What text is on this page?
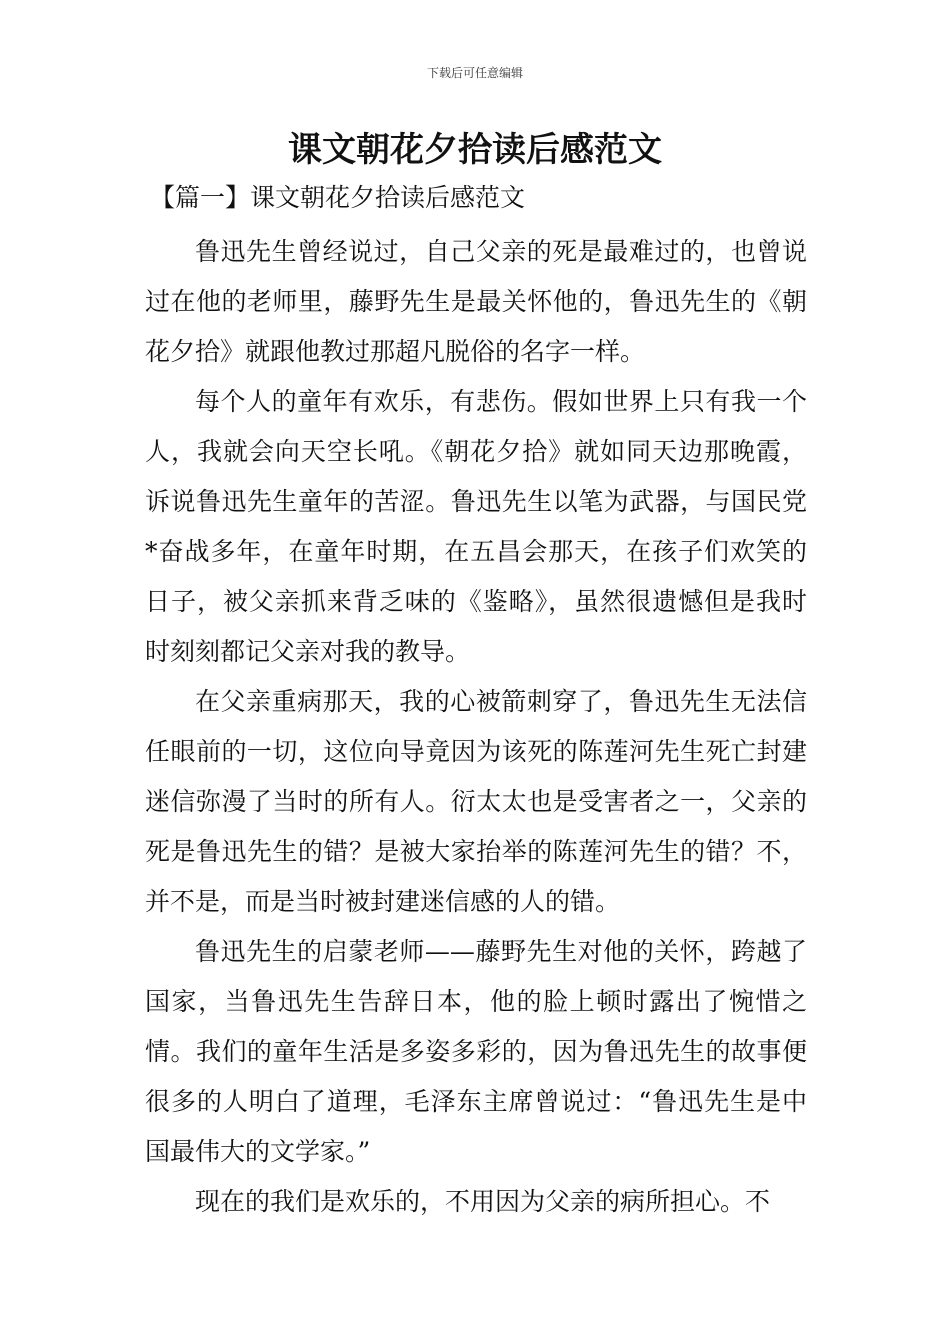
下载后可任意编辑
课文朝花夕拾读后感范文
【篇一】课文朝花夕拾读后感范文

鲁迅先生曾经说过，自己父亲的死是最难过的，也曾说过在他的老师里，藤野先生是最关怀他的，鲁迅先生的《朝花夕拾》就跟他教过那超凡脱俗的名字一样。

每个人的童年有欢乐，有悲伤。假如世界上只有我一个人，我就会向天空长吼。《朝花夕拾》就如同天边那晚霞，诉说鲁迅先生童年的苦涩。鲁迅先生以笔为武器，与国民党*奋战多年，在童年时期，在五昌会那天，在孩子们欢笑的日子，被父亲抓来背乏味的《鉴略》，虽然很遗憾但是我时时刻刻都记父亲对我的教导。

在父亲重病那天，我的心被箭刺穿了，鲁迅先生无法信任眼前的一切，这位向导竟因为该死的陈莲河先生死亡封建迷信弥漫了当时的所有人。衍太太也是受害者之一，父亲的死是鲁迅先生的错？是被大家抬举的陈莲河先生的错？不，并不是，而是当时被封建迷信感的人的错。

鲁迅先生的启蒙老师——藤野先生对他的关怀，跨越了国家，当鲁迅先生告辞日本，他的脸上顿时露出了惋惜之情。我们的童年生活是多姿多彩的，因为鲁迅先生的故事便很多的人明白了道理，毛泽东主席曾说过：“鲁迅先生是中国最伟大的文学家。”

现在的我们是欢乐的，不用因为父亲的病所担心。不
